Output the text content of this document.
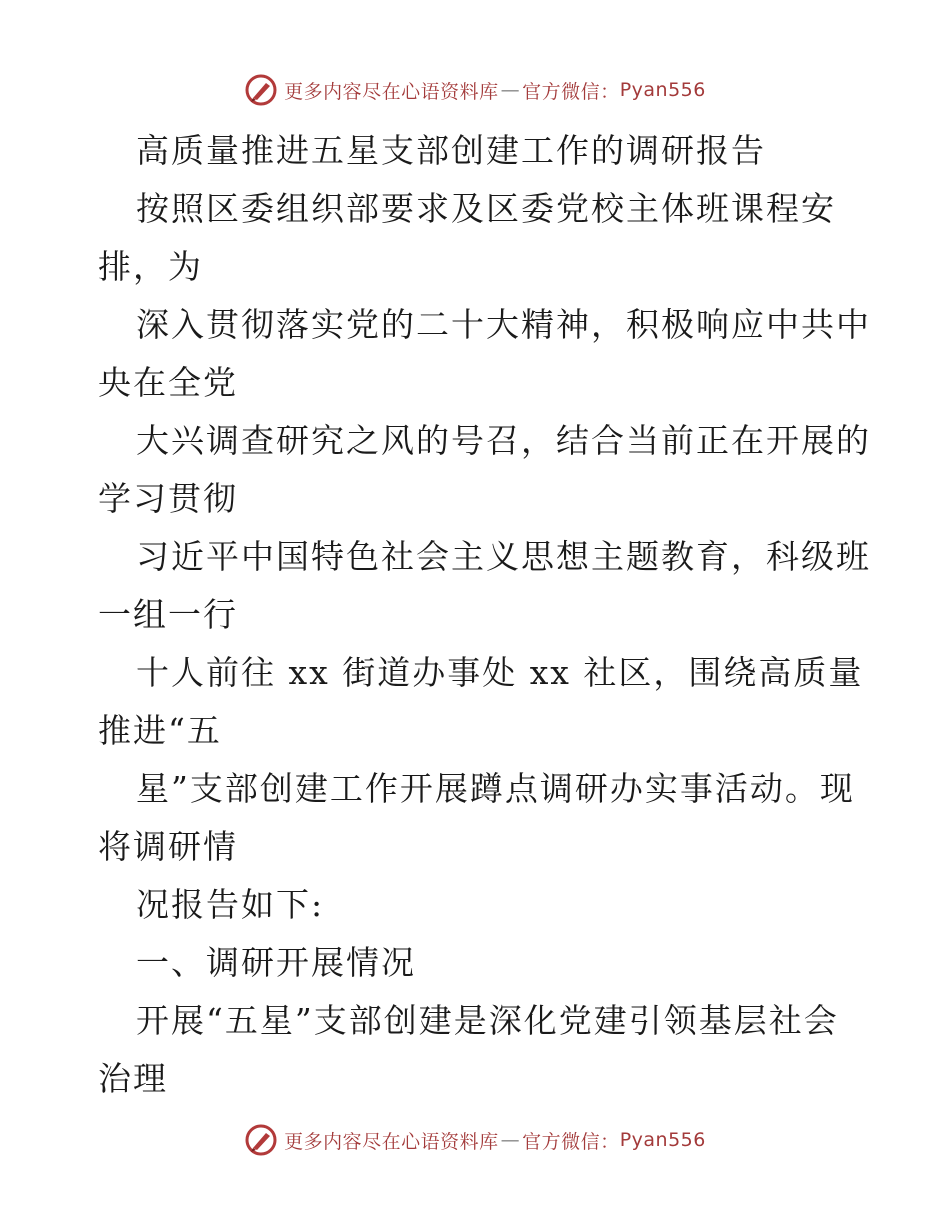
更多内容尽在心语资料库 — 官方微信： Pyan556
高质量推进五星支部创建工作的调研报告
按照区委组织部要求及区委党校主体班课程安
排，为
深入贯彻落实党的二十大精神，积极响应中共中
央在全党
大兴调查研究之风的号召，结合当前正在开展的
学习贯彻
习近平中国特色社会主义思想主题教育，科级班
一组一行
十人前往 xx 街道办事处 xx 社区，围绕高质量
推进“五
星”支部创建工作开展蹲点调研办实事活动。现
将调研情
况报告如下:
一、调研开展情况
开展“五星”支部创建是深化党建引领基层社会
治理
更多内容尽在心语资料库 — 官方微信： Pyan556
